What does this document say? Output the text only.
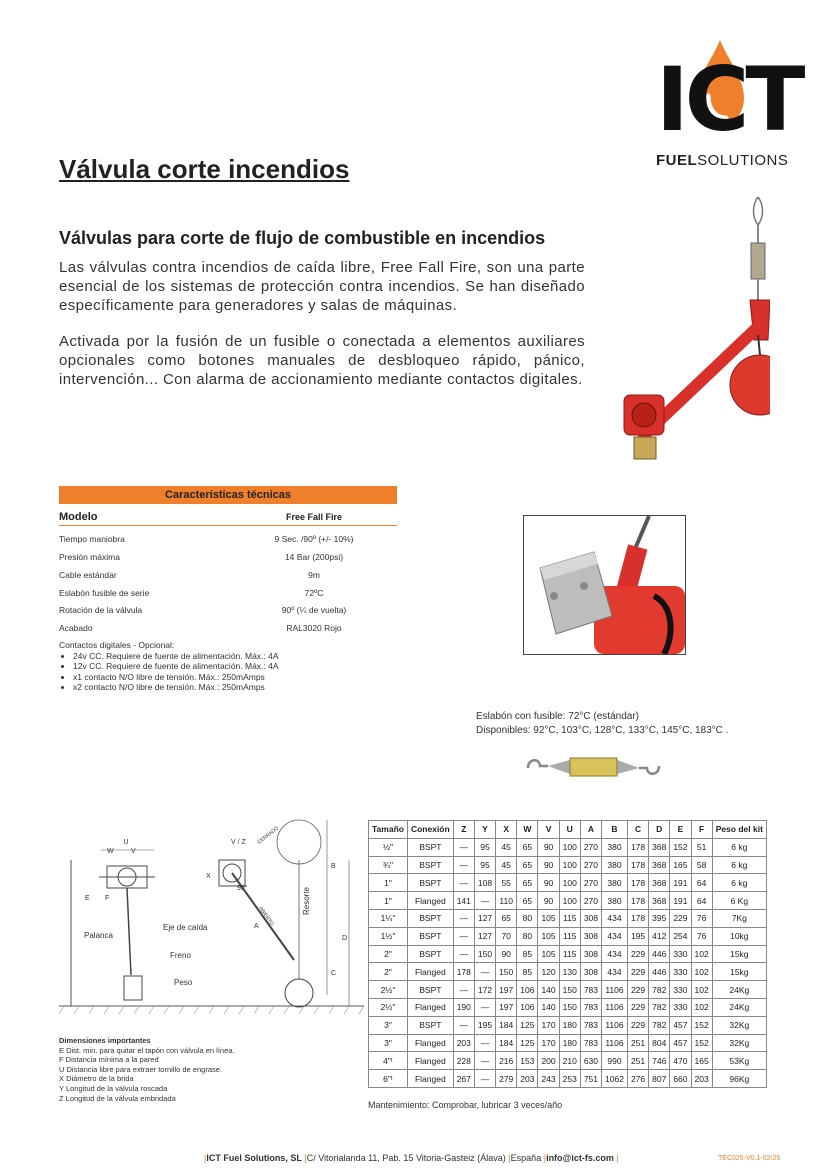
ICT
FUELSOLUTIONS
Válvula corte incendios
Válvulas para corte de flujo de combustible en incendios
Las válvulas contra incendios de caída libre, Free Fall Fire, son una parte esencial de los sistemas de protección contra incendios. Se han diseñado específicamente para generadores y salas de máquinas.
Activada por la fusión de un fusible o conectada a elementos auxiliares opcionales como botones manuales de desbloqueo rápido, pánico, intervención... Con alarma de accionamiento mediante contactos digitales.
Características técnicas
Modelo	Free Fall Fire
Tiempo maniobra	9 Sec. /90º (+/- 10%)
Presión máxima	14 Bar (200psi)
Cable estándar	9m
Eslabón fusible de serie	72ºC
Rotación de la válvula	90º (¼ de vuelta)
Acabado	RAL3020 Rojo
Contactos digitales - Opcional:
• 24v CC. Requiere de fuente de alimentación. Máx.: 4A
• 12v CC. Requiere de fuente de alimentación. Máx.: 4A
• x1 contacto N/O libre de tensión. Máx.: 250mAmps
• x2 contacto N/O libre de tensión. Máx.: 250mAmps
Eslabón con fusible: 72°C (estándar)
Disponibles: 92°C, 103°C, 128°C, 133°C, 145°C, 183°C .
U
W V
E F
Palanca
Eje de caída
Freno
Peso
X
V / Z
90°
A
CERRADO
ABIERTO
Resorte
B
C
D
Dimensiones importantes
E Dist. min. para quitar el tapón con válvula en línea.
F Distancia mínima a la pared
U Distancia libre para extraer tornillo de engrase.
X Diámetro de la brida
Y Longitud de la válvula roscada
Z Longitud de la válvula embridada
Tamaño	Conexión	Z	Y	X	W	V	U	A	B	C	D	E	F	Peso del kit
½"	BSPT	—	95	45	65	90	100	270	380	178	368	152	51	6 kg
¾"	BSPT	—	95	45	65	90	100	270	380	178	368	165	58	6 kg
1"	BSPT	—	108	55	65	90	100	270	380	178	368	191	64	6 kg
1"	Flanged	141	—	110	65	90	100	270	380	178	368	191	64	6 Kg
1¼"	BSPT	—	127	65	80	105	115	308	434	178	395	229	76	7Kg
1½"	BSPT	—	127	70	80	105	115	308	434	195	412	254	76	10kg
2"	BSPT	—	150	90	85	105	115	308	434	229	446	330	102	15kg
2"	Flanged	178	—	150	85	120	130	308	434	229	446	330	102	15kg
2½"	BSPT	—	172	197	106	140	150	783	1106	229	782	330	102	24Kg
2½"	Flanged	190	—	197	106	140	150	783	1106	229	782	330	102	24Kg
3"	BSPT	—	195	184	125	170	180	783	1106	229	782	457	152	32Kg
3"	Flanged	203	—	184	125	170	180	783	1106	251	804	457	152	32Kg
4"ᵗ	Flanged	228	—	216	153	200	210	630	990	251	746	470	165	53Kg
6"ᵗ	Flanged	267	—	279	203	243	253	751	1062	276	807	660	203	96Kg
Mantenimiento: Comprobar, lubricar 3 veces/año
|ICT Fuel Solutions, SL |C/ Vitorialanda 11, Pab. 15 Vitoria-Gasteiz (Álava) |España |info@ict-fs.com |	TEC025-V0.1-02/25
